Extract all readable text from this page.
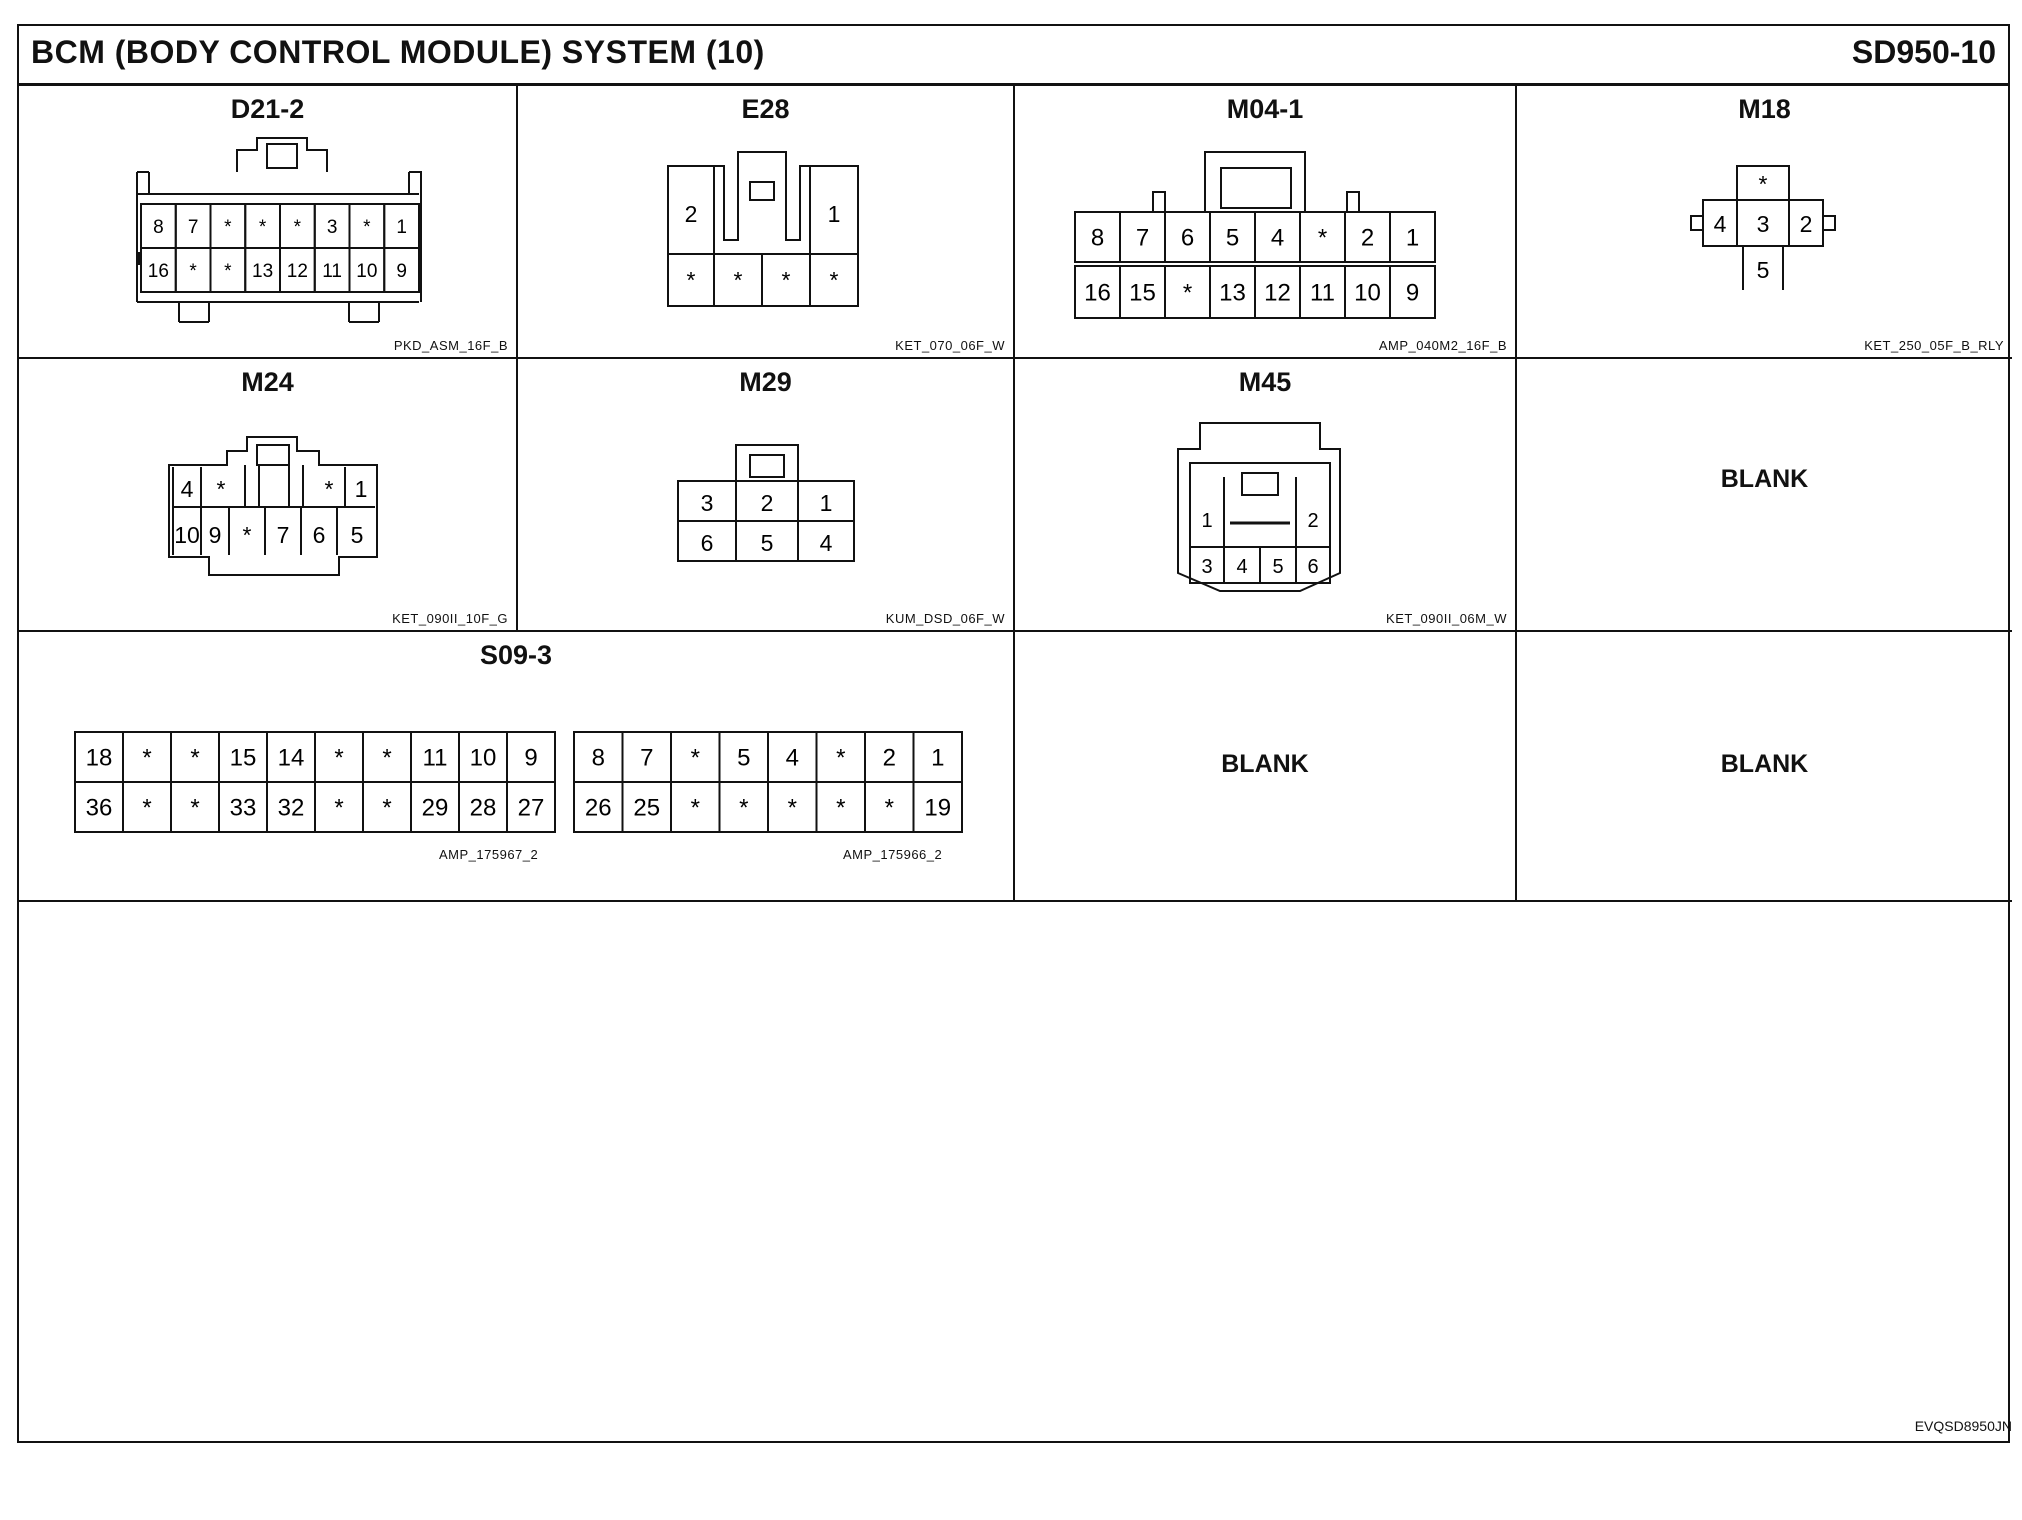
BCM (BODY CONTROL MODULE) SYSTEM (10)	SD950-10
D21-2
8 7 * * * 3 * 1
16 * * 13 12 11 10 9
PKD_ASM_16F_B
E28
2	1
* * * *
KET_070_06F_W
M04-1
8 7 6 5 4 * 2 1
16 15 * 13 12 11 10 9
AMP_040M2_16F_B
M18
*
4 3 2
5
KET_250_05F_B_RLY
M24
4 *	* 1
10 9 * 7 6 5
KET_090II_10F_G
M29
3 2 1
6 5 4
KUM_DSD_06F_W
M45
1	2
3 4 5 6
KET_090II_06M_W
BLANK
S09-3
18 * * 15 14 * * 11 10 9
36 * * 33 32 * * 29 28 27
8 7 * 5 4 * 2 1
26 25 * * * * * 19
AMP_175967_2	AMP_175966_2
BLANK	BLANK
EVQSD8950JN
